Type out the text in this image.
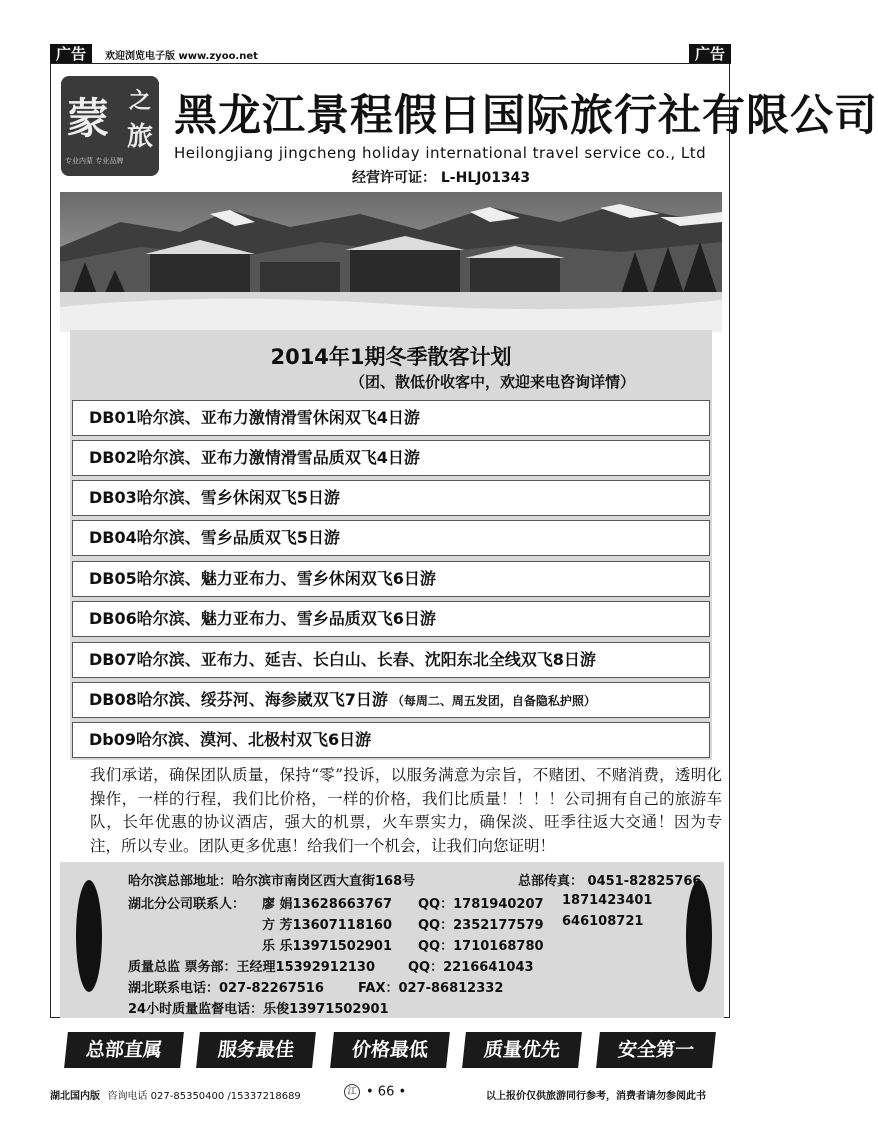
广告	欢迎浏览电子版 www.zyoo.net	广告
蒙 之
旅
专业内蒙 专业品牌
黑龙江景程假日国际旅行社有限公司
Heilongjiang jingcheng holiday international travel service co., Ltd
经营许可证： L-HLJ01343
2014年1期冬季散客计划
（团、散低价收客中，欢迎来电咨询详情）
DB01哈尔滨、亚布力激情滑雪休闲双飞4日游
DB02哈尔滨、亚布力激情滑雪品质双飞4日游
DB03哈尔滨、雪乡休闲双飞5日游
DB04哈尔滨、雪乡品质双飞5日游
DB05哈尔滨、魅力亚布力、雪乡休闲双飞6日游
DB06哈尔滨、魅力亚布力、雪乡品质双飞6日游
DB07哈尔滨、亚布力、延吉、长白山、长春、沈阳东北全线双飞8日游
DB08哈尔滨、绥芬河、海参崴双飞7日游 （每周二、周五发团，自备隐私护照）
Db09哈尔滨、漠河、北极村双飞6日游
我们承诺，确保团队质量，保持“零”投诉，以服务满意为宗旨，不赌团、不赌消费，透明化操作，一样的行程，我们比价格，一样的价格，我们比质量！！！！公司拥有自己的旅游车队，长年优惠的协议酒店，强大的机票，火车票实力，确保淡、旺季往返大交通！因为专注，所以专业。团队更多优惠！给我们一个机会，让我们向您证明！
哈尔滨总部地址：哈尔滨市南岗区西大直街168号	总部传真： 0451-82825766
湖北分公司联系人： 廖 娟13628663767 QQ：1781940207 1871423401
方 芳13607118160 QQ：2352177579 646108721
乐 乐13971502901 QQ：1710168780
质量总监 票务部：王经理15392912130	QQ：2216641043
湖北联系电话：027-82267516	FAX：027-86812332
24小时质量监督电话：乐俊13971502901
总部直属	服务最佳	价格最低	质量优先	安全第一
湖北国内版 咨询电话 027-85350400 /15337218689	江 • 66 •	以上报价仅供旅游同行参考，消费者请勿参阅此书
